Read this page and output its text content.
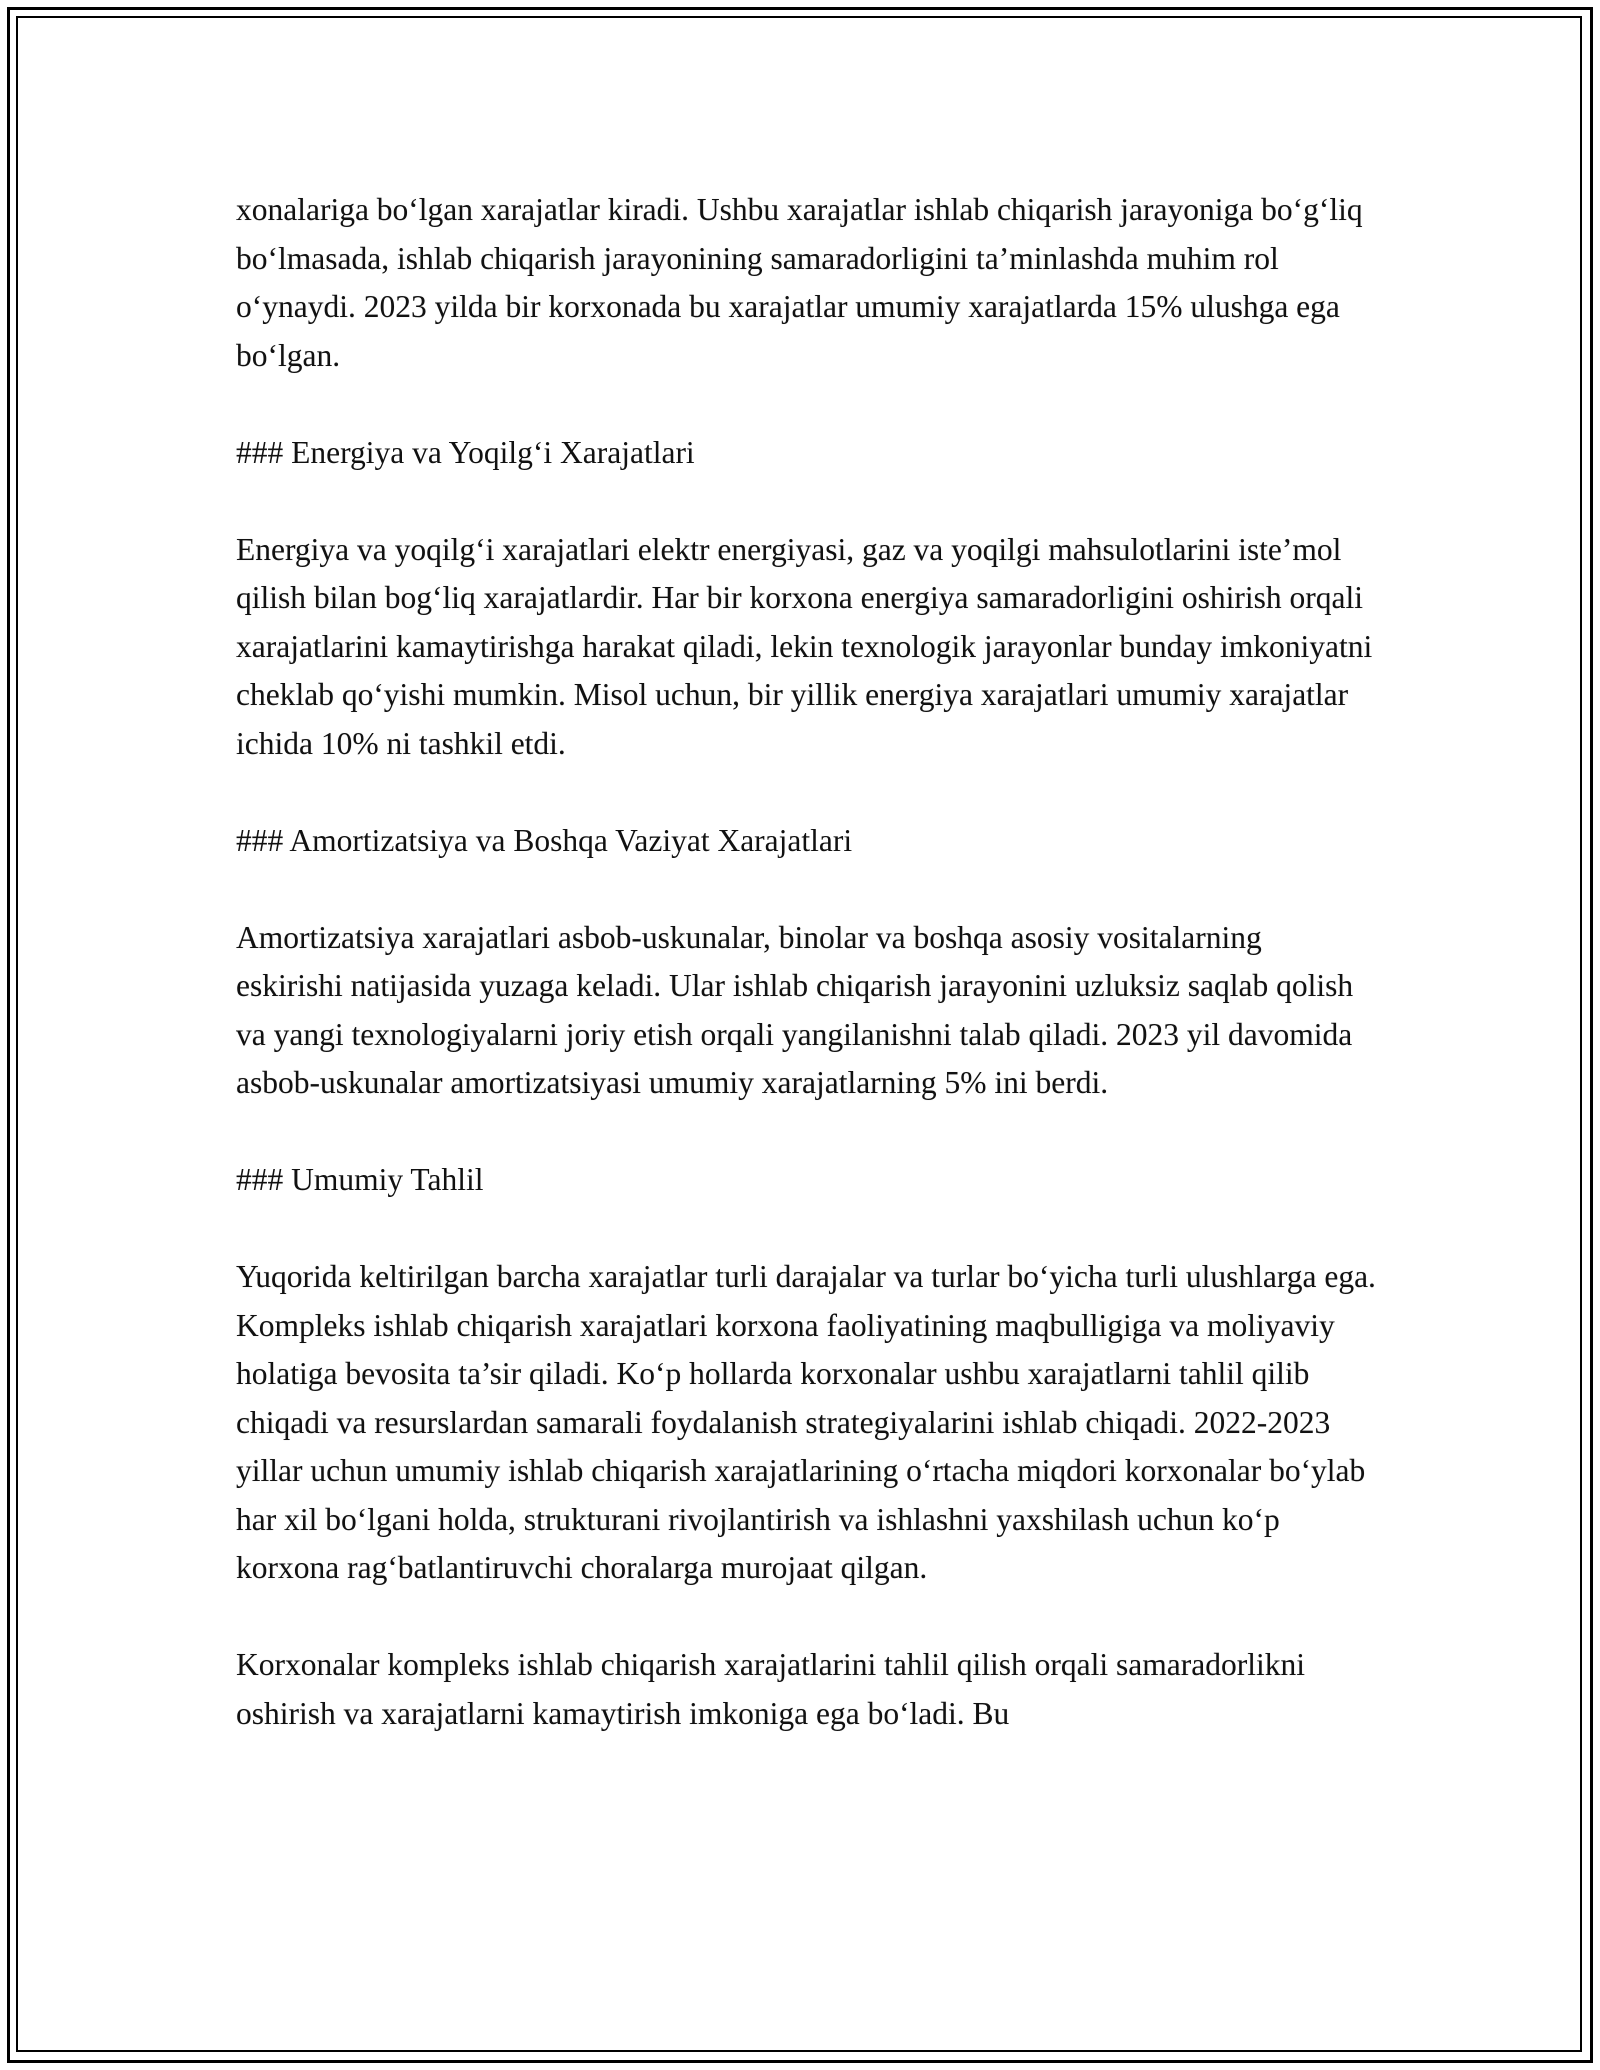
xonalariga bo‘lgan xarajatlar kiradi. Ushbu xarajatlar ishlab chiqarish jarayoniga bo‘g‘liq bo‘lmasada, ishlab chiqarish jarayonining samaradorligini ta’minlashda muhim rol o‘ynaydi. 2023 yilda bir korxonada bu xarajatlar umumiy xarajatlarda 15% ulushga ega bo‘lgan.

### Energiya va Yoqilg‘i Xarajatlari

Energiya va yoqilg‘i xarajatlari elektr energiyasi, gaz va yoqilgi mahsulotlarini iste’mol qilish bilan bog‘liq xarajatlardir. Har bir korxona energiya samaradorligini oshirish orqali xarajatlarini kamaytirishga harakat qiladi, lekin texnologik jarayonlar bunday imkoniyatni cheklab qo‘yishi mumkin. Misol uchun, bir yillik energiya xarajatlari umumiy xarajatlar ichida 10% ni tashkil etdi.

### Amortizatsiya va Boshqa Vaziyat Xarajatlari

Amortizatsiya xarajatlari asbob-uskunalar, binolar va boshqa asosiy vositalarning eskirishi natijasida yuzaga keladi. Ular ishlab chiqarish jarayonini uzluksiz saqlab qolish va yangi texnologiyalarni joriy etish orqali yangilanishni talab qiladi. 2023 yil davomida asbob-uskunalar amortizatsiyasi umumiy xarajatlarning 5% ini berdi.

### Umumiy Tahlil

Yuqorida keltirilgan barcha xarajatlar turli darajalar va turlar bo‘yicha turli ulushlarga ega. Kompleks ishlab chiqarish xarajatlari korxona faoliyatining maqbulligiga va moliyaviy holatiga bevosita ta’sir qiladi. Ko‘p hollarda korxonalar ushbu xarajatlarni tahlil qilib chiqadi va resurslardan samarali foydalanish strategiyalarini ishlab chiqadi. 2022-2023 yillar uchun umumiy ishlab chiqarish xarajatlarining o‘rtacha miqdori korxonalar bo‘ylab har xil bo‘lgani holda, strukturani rivojlantirish va ishlashni yaxshilash uchun ko‘p korxona rag‘batlantiruvchi choralarga murojaat qilgan.

Korxonalar kompleks ishlab chiqarish xarajatlarini tahlil qilish orqali samaradorlikni oshirish va xarajatlarni kamaytirish imkoniga ega bo‘ladi. Bu
